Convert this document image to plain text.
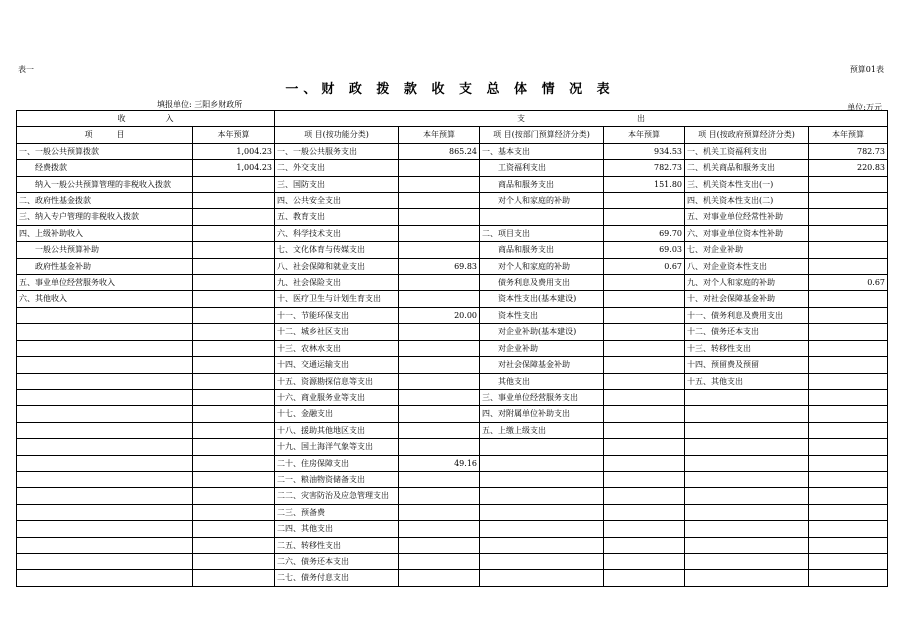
表一	预算01表
一、财 政 拨 款 收 支 总 体 情 况 表
填报单位: 三阳乡财政所	单位:万元
收　　　　　入		支　　　　　　　　　　　　　　出					
项　　　目	本年预算	项 目(按功能分类)	本年预算	项 目(按部门预算经济分类)	本年预算	项 目(按政府预算经济分类)	本年预算
一、一般公共预算拨款	1,004.23	一、一般公共服务支出	865.24	一、基本支出	934.53	一、机关工资福利支出	782.73
　　经费拨款	1,004.23	二、外交支出		　　工资福利支出	782.73	二、机关商品和服务支出	220.83
　　纳入一般公共预算管理的非税收入拨款		三、国防支出		　　商品和服务支出	151.80	三、机关资本性支出(一)	
二、政府性基金拨款		四、公共安全支出		　　对个人和家庭的补助		四、机关资本性支出(二)	
三、纳入专户管理的非税收入拨款		五、教育支出				五、对事业单位经常性补助	
四、上级补助收入		六、科学技术支出		二、项目支出	69.70	六、对事业单位资本性补助	
　　一般公共预算补助		七、文化体育与传媒支出		　　商品和服务支出	69.03	七、对企业补助	
　　政府性基金补助		八、社会保障和就业支出	69.83	　　对个人和家庭的补助	0.67	八、对企业资本性支出	
五、事业单位经营服务收入		九、社会保险支出		　　债务利息及费用支出		九、对个人和家庭的补助	0.67
六、其他收入		十、医疗卫生与计划生育支出		　　资本性支出(基本建设)		十、对社会保障基金补助	
		十一、节能环保支出	20.00	　　资本性支出		十一、债务利息及费用支出	
		十二、城乡社区支出		　　对企业补助(基本建设)		十二、债务还本支出	
		十三、农林水支出		　　对企业补助		十三、转移性支出	
		十四、交通运输支出		　　对社会保障基金补助		十四、预留费及预留	
		十五、资源勘探信息等支出		　　其他支出		十五、其他支出	
		十六、商业服务业等支出		三、事业单位经营服务支出			
		十七、金融支出		四、对附属单位补助支出			
		十八、援助其他地区支出		五、上缴上级支出			
		十九、国土海洋气象等支出					
		二十、住房保障支出	49.16				
		二一、粮油物资储备支出					
		二二、灾害防治及应急管理支出					
		二三、预备费					
		二四、其他支出					
		二五、转移性支出					
		二六、债务还本支出					
		二七、债务付息支出					
